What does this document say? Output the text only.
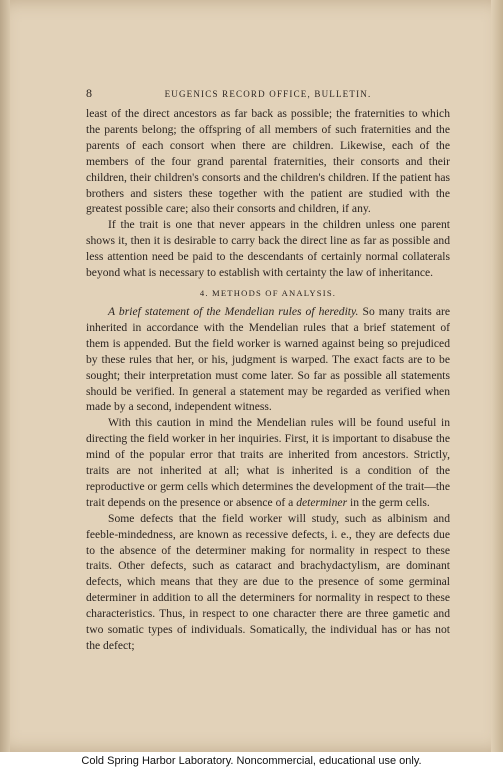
8	EUGENICS RECORD OFFICE, BULLETIN.

least of the direct ancestors as far back as possible; the fraternities to which the parents belong; the offspring of all members of such fraternities and the parents of each consort when there are children. Likewise, each of the members of the four grand parental fraternities, their consorts and their children, their children's consorts and the children's children. If the patient has brothers and sisters these together with the patient are studied with the greatest possible care; also their consorts and children, if any.

If the trait is one that never appears in the children unless one parent shows it, then it is desirable to carry back the direct line as far as possible and less attention need be paid to the descendants of certainly normal collaterals beyond what is necessary to establish with certainty the law of inheritance.

4. METHODS OF ANALYSIS.

A brief statement of the Mendelian rules of heredity. So many traits are inherited in accordance with the Mendelian rules that a brief statement of them is appended. But the field worker is warned against being so prejudiced by these rules that her, or his, judgment is warped. The exact facts are to be sought; their interpretation must come later. So far as possible all statements should be verified. In general a statement may be regarded as verified when made by a second, independent witness.

With this caution in mind the Mendelian rules will be found useful in directing the field worker in her inquiries. First, it is important to disabuse the mind of the popular error that traits are inherited from ancestors. Strictly, traits are not inherited at all; what is inherited is a condition of the reproductive or germ cells which determines the development of the trait—the trait depends on the presence or absence of a determiner in the germ cells.

Some defects that the field worker will study, such as albinism and feeble-mindedness, are known as recessive defects, i. e., they are defects due to the absence of the determiner making for normality in respect to these traits. Other defects, such as cataract and brachydactylism, are dominant defects, which means that they are due to the presence of some germinal determiner in addition to all the determiners for normality in respect to these characteristics. Thus, in respect to one character there are three gametic and two somatic types of individuals. Somatically, the individual has or has not the defect;

Cold Spring Harbor Laboratory. Noncommercial, educational use only.
